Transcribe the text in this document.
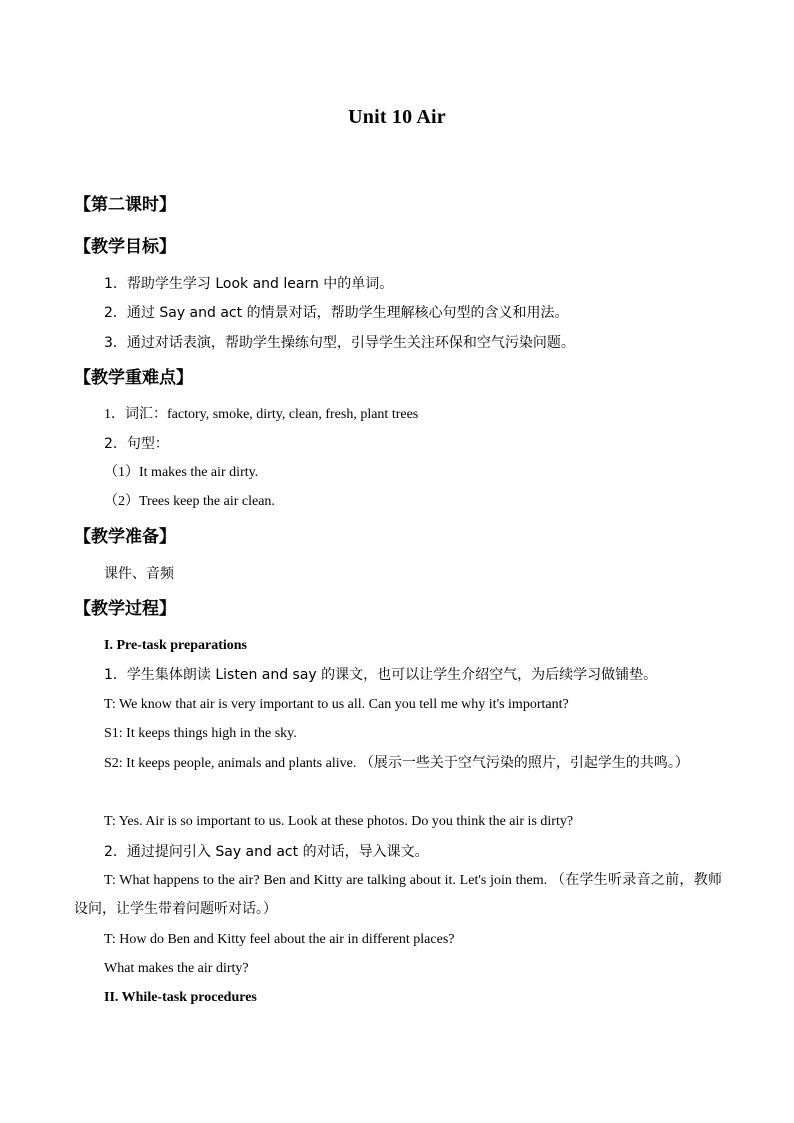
Unit 10 Air
【第二课时】
【教学目标】
1．帮助学生学习 Look and learn 中的单词。
2．通过 Say and act 的情景对话，帮助学生理解核心句型的含义和用法。
3．通过对话表演，帮助学生操练句型，引导学生关注环保和空气污染问题。
【教学重难点】
1．词汇：factory, smoke, dirty, clean, fresh, plant trees
2．句型：
（1）It makes the air dirty.
（2）Trees keep the air clean.
【教学准备】
课件、音频
【教学过程】
I. Pre-task preparations
1．学生集体朗读 Listen and say 的课文，也可以让学生介绍空气，为后续学习做铺垫。
T: We know that air is very important to us all. Can you tell me why it's important?
S1: It keeps things high in the sky.
S2: It keeps people, animals and plants alive. （展示一些关于空气污染的照片，引起学生的共鸣。）
T: Yes. Air is so important to us. Look at these photos. Do you think the air is dirty?
2．通过提问引入 Say and act 的对话，导入课文。
T: What happens to the air? Ben and Kitty are talking about it. Let's join them. （在学生听录音之前，教师设问，让学生带着问题听对话。）
T: How do Ben and Kitty feel about the air in different places?
What makes the air dirty?
II. While-task procedures
